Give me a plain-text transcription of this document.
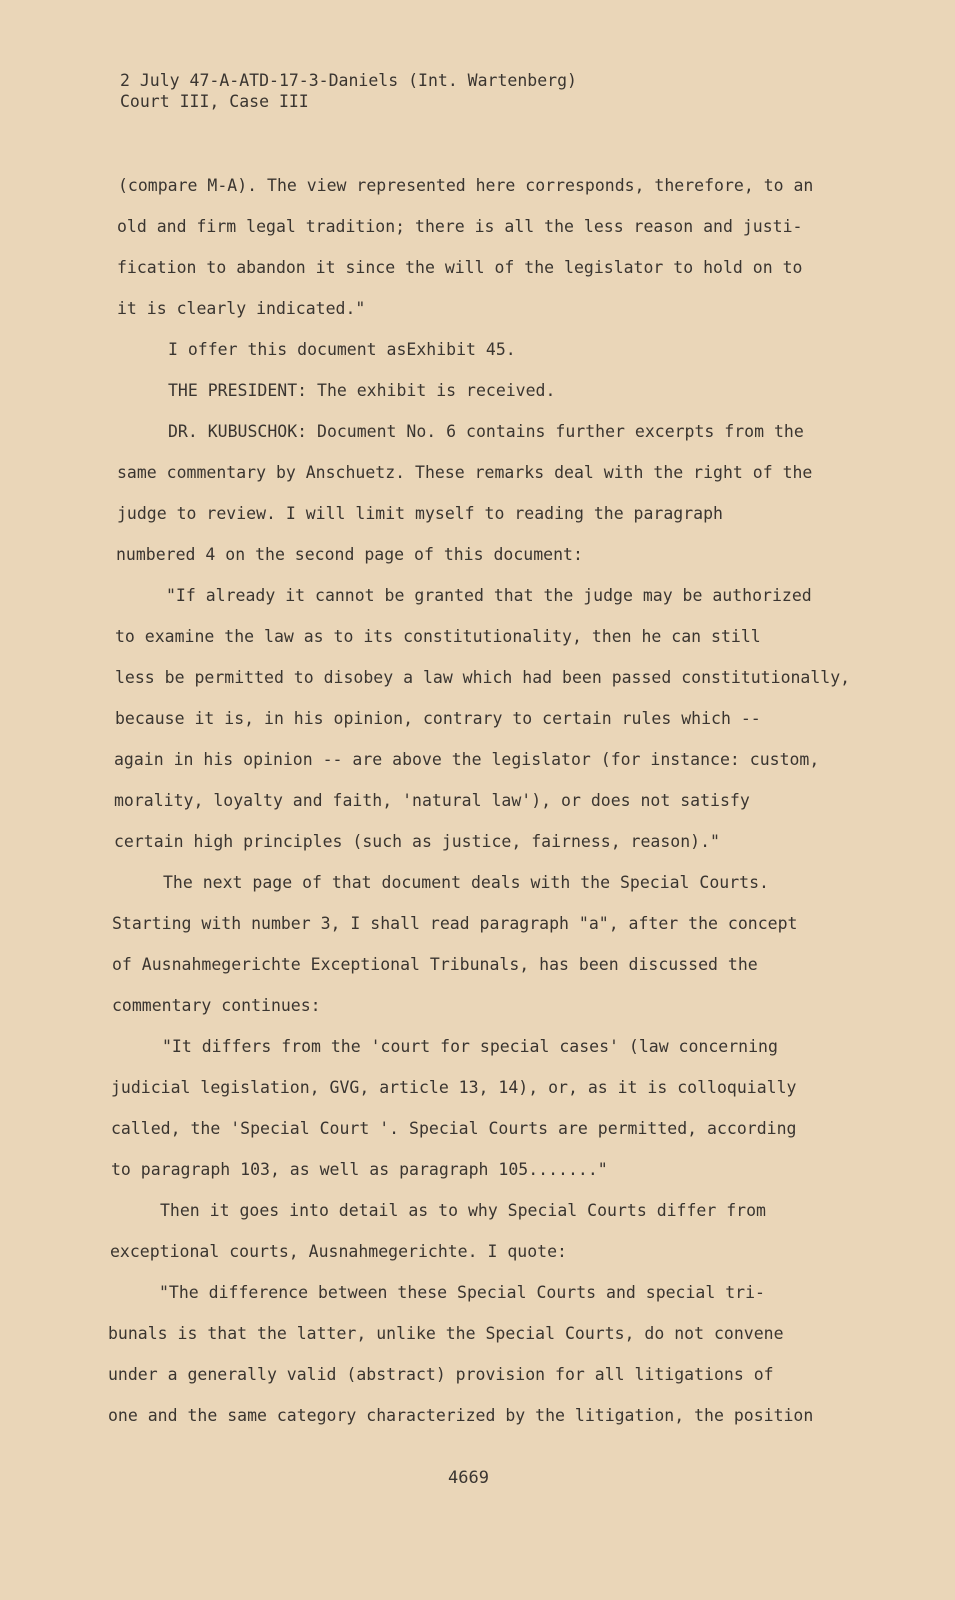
2 July 47-A-ATD-17-3-Daniels (Int. Wartenberg)
Court III, Case III
(compare M-A). The view represented here corresponds, therefore, to an
old and firm legal tradition; there is all the less reason and justi-
fication to abandon it since the will of the legislator to hold on to
it is clearly indicated."
I offer this document asExhibit 45.
THE PRESIDENT: The exhibit is received.
DR. KUBUSCHOK: Document No. 6 contains further excerpts from the
same commentary by Anschuetz. These remarks deal with the right of the
judge to review. I will limit myself to reading the paragraph
numbered 4 on the second page of this document:
"If already it cannot be granted that the judge may be authorized
to examine the law as to its constitutionality, then he can still
less be permitted to disobey a law which had been passed constitutionally,
because it is, in his opinion, contrary to certain rules which --
again in his opinion -- are above the legislator (for instance: custom,
morality, loyalty and faith, 'natural law'), or does not satisfy
certain high principles (such as justice, fairness, reason)."
The next page of that document deals with the Special Courts.
Starting with number 3, I shall read paragraph "a", after the concept
of Ausnahmegerichte Exceptional Tribunals, has been discussed the
commentary continues:
"It differs from the 'court for special cases' (law concerning
judicial legislation, GVG, article 13, 14), or, as it is colloquially
called, the 'Special Court '. Special Courts are permitted, according
to paragraph 103, as well as paragraph 105......."
Then it goes into detail as to why Special Courts differ from
exceptional courts, Ausnahmegerichte. I quote:
"The difference between these Special Courts and special tri-
bunals is that the latter, unlike the Special Courts, do not convene
under a generally valid (abstract) provision for all litigations of
one and the same category characterized by the litigation, the position
4669
